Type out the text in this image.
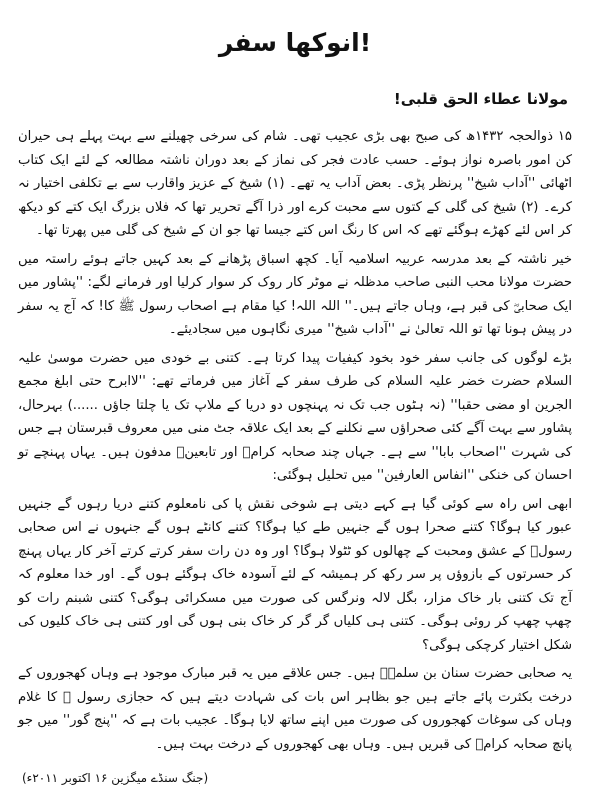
انوکھا سفر!
مولانا عطاء الحق قلبی!

۱۵ ذوالحجہ ۱۴۳۲ھ کی صبح بھی بڑی عجیب تھی۔ شام کی سرخی چھیلنے سے بہت پہلے ہی حیران کن امور باصرہ نواز ہوئے۔ حسب عادت فجر کی نماز کے بعد دوران ناشتہ مطالعہ کے لئے ایک کتاب اٹھائی ''آداب شیخ'' پرنظر پڑی۔ بعض آداب یہ تھے۔ (۱) شیخ کے عزیز واقارب سے بے تکلفی اختیار نہ کرے۔ (۲) شیخ کی گلی کے کتوں سے محبت کرے اور ذرا آگے تحریر تھا کہ فلاں بزرگ ایک کتے کو دیکھ کر اس لئے کھڑے ہوگئے تھے کہ اس کا رنگ اس کتے جیسا تھا جو ان کے شیخ کی گلی میں پھرتا تھا۔

خیر ناشتہ کے بعد مدرسہ عربیہ اسلامیہ آیا۔ کچھ اسباق پڑھانے کے بعد کہیں جاتے ہوئے راستہ میں حضرت مولانا محب النبی صاحب مدظلہ نے موٹر کار روک کر سوار کرلیا اور فرمانے لگے: ''پشاور میں ایک صحابیؓ کی قبر ہے، وہاں جاتے ہیں۔'' اللہ اللہ! کیا مقام ہے اصحاب رسول ﷺ کا! کہ آج یہ سفر در پیش ہونا تھا تو اللہ تعالیٰ نے ''آداب شیخ'' میری نگاہوں میں سجادیئے۔

بڑے لوگوں کی جانب سفر خود بخود کیفیات پیدا کرتا ہے۔ کتنی بے خودی میں حضرت موسیٰ علیہ السلام حضرت خضر علیہ السلام کی طرف سفر کے آغاز میں فرماتے تھے: ''لاابرح حتی ابلغ مجمع الجرین او مضی حقبا'' (نہ ہٹوں جب تک نہ پہنچوں دو دریا کے ملاپ تک یا چلتا جاؤں ......) بہرحال، پشاور سے بہت آگے کئی صحراؤں سے نکلنے کے بعد ایک علاقہ جٹ منی میں معروف قبرستان ہے جس کی شہرت ''اصحاب بابا'' سے ہے۔ جہاں چند صحابہ کرامؓ اور تابعینؒ مدفون ہیں۔ یہاں پہنچے تو احسان کی خنکی ''انفاس العارفین'' میں تحلیل ہوگئی:

ابھی اس راہ سے کوئی گیا ہے کہے دیتی ہے شوخی نقش پا کی نامعلوم کتنے دریا رہوں گے جنہیں عبور کیا ہوگا؟ کتنے صحرا ہوں گے جنہیں طے کیا ہوگا؟ کتنے کانٹے ہوں گے جنہوں نے اس صحابی رسولؐ کے عشق ومحبت کے چھالوں کو ٹٹولا ہوگا؟ اور وہ دن رات سفر کرتے کرتے آخر کار یہاں پہنچ کر حسرتوں کے بازوؤں پر سر رکھ کر ہمیشہ کے لئے آسودہ خاک ہوگئے ہوں گے۔ اور خدا معلوم کہ آج تک کتنی بار خاک مزار، بگل لالہ ونرگس کی صورت میں مسکرائی ہوگی؟ کتنی شبنم رات کو چھپ چھپ کر روئی ہوگی۔ کتنی ہی کلیاں گر گر کر خاک بنی ہوں گی اور کتنی ہی خاک کلیوں کی شکل اختیار کرچکی ہوگی؟

یہ صحابی حضرت سنان بن سلمہؓ ہیں۔ جس علاقے میں یہ قبر مبارک موجود ہے وہاں کھجوروں کے درخت بکثرت پائے جاتے ہیں جو بظاہر اس بات کی شہادت دیتے ہیں کہ حجازی رسول ﷺ کا غلام وہاں کی سوغات کھجوروں کی صورت میں اپنے ساتھ لایا ہوگا۔ عجیب بات ہے کہ ''پنج گور'' میں جو پانچ صحابہ کرامؓ کی قبریں ہیں۔ وہاں بھی کھجوروں کے درخت بہت ہیں۔

(جنگ سنڈے میگزین ۱۶ اکتوبر ۲۰۱۱ء)
